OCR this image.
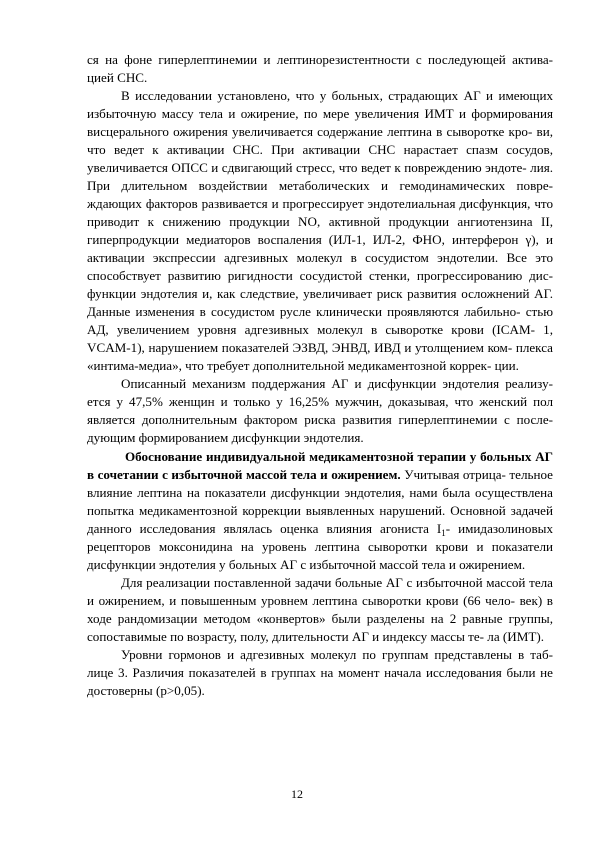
ся на фоне гиперлептинемии и лептинорезистентности с последующей актива- цией СНС.

В исследовании установлено, что у больных, страдающих АГ и имеющих избыточную массу тела и ожирение, по мере увеличения ИМТ и формирования висцерального ожирения увеличивается содержание лептина в сыворотке кро- ви, что ведет к активации СНС. При активации СНС нарастает спазм сосудов, увеличивается ОПСС и сдвигающий стресс, что ведет к повреждению эндоте- лия. При длительном воздействии метаболических и гемодинамических повре- ждающих факторов развивается и прогрессирует эндотелиальная дисфункция, что приводит к снижению продукции NO, активной продукции ангиотензина II, гиперпродукции медиаторов воспаления (ИЛ-1, ИЛ-2, ФНО, интерферон γ), и активации экспрессии адгезивных молекул в сосудистом эндотелии. Все это способствует развитию ригидности сосудистой стенки, прогрессированию дис- функции эндотелия и, как следствие, увеличивает риск развития осложнений АГ. Данные изменения в сосудистом русле клинически проявляются лабильно- стью АД, увеличением уровня адгезивных молекул в сыворотке крови (ICAM- 1, VCAM-1), нарушением показателей ЭЗВД, ЭНВД, ИВД и утолщением ком- плекса «интима-медиа», что требует дополнительной медикаментозной коррек- ции.

Описанный механизм поддержания АГ и дисфункции эндотелия реализу- ется у 47,5% женщин и только у 16,25% мужчин, доказывая, что женский пол является дополнительным фактором риска развития гиперлептинемии с после- дующим формированием дисфункции эндотелия.

Обоснование индивидуальной медикаментозной терапии у больных АГ в сочетании с избыточной массой тела и ожирением. Учитывая отрица- тельное влияние лептина на показатели дисфункции эндотелия, нами была осуществлена попытка медикаментозной коррекции выявленных нарушений. Основной задачей данного исследования являлась оценка влияния агониста $I_1-$ имидазолиновых рецепторов моксонидина на уровень лептина сыворотки крови и показатели дисфункции эндотелия у больных АГ с избыточной массой тела и ожирением.

Для реализации поставленной задачи больные АГ с избыточной массой тела и ожирением, и повышенным уровнем лептина сыворотки крови (66 чело- век) в ходе рандомизации методом «конвертов» были разделены на 2 равные группы, сопоставимые по возрасту, полу, длительности АГ и индексу массы те- ла (ИМТ).

Уровни гормонов и адгезивных молекул по группам представлены в таб- лице 3. Различия показателей в группах на момент начала исследования были не достоверны (p>0,05).

12
